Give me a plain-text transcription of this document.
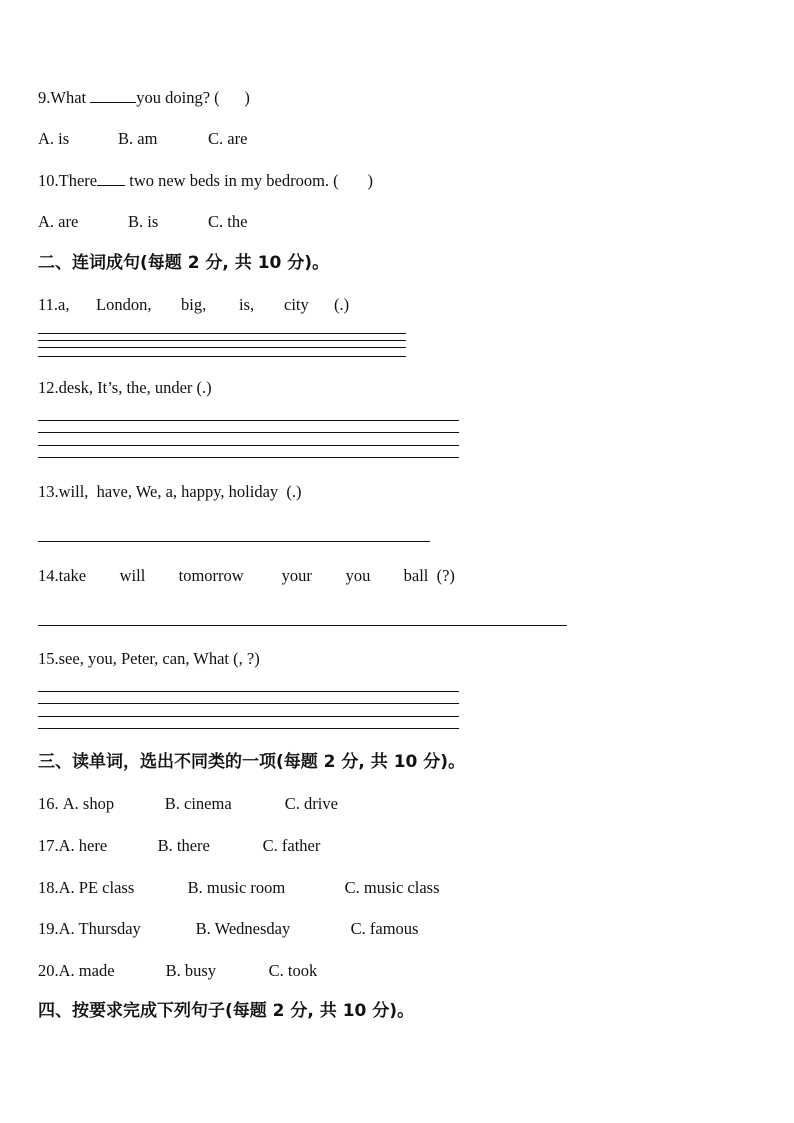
9.What	you doing? (      )
A. is	B. am	C. are
10.There two new beds in my bedroom. (       )
A. are	B. is	C. the
二、连词成句(每题 2 分, 共 10 分)。
11.a, London, big, is, city (.)
12.desk, It’s, the, under (.)
13.will,  have, We, a, happy, holiday  (.)
14.take will tomorrow your you ball  (?)
15.see, you, Peter, can, What (, ?)
三、读单词，选出不同类的一项(每题 2 分, 共 10 分)。
16. A. shop	B. cinema	C. drive
17.A. here	B. there	C. father
18.A. PE class	B. music room	C. music class
19.A. Thursday	B. Wednesday	C. famous
20.A. made	B. busy	C. took
四、按要求完成下列句子(每题 2 分, 共 10 分)。
